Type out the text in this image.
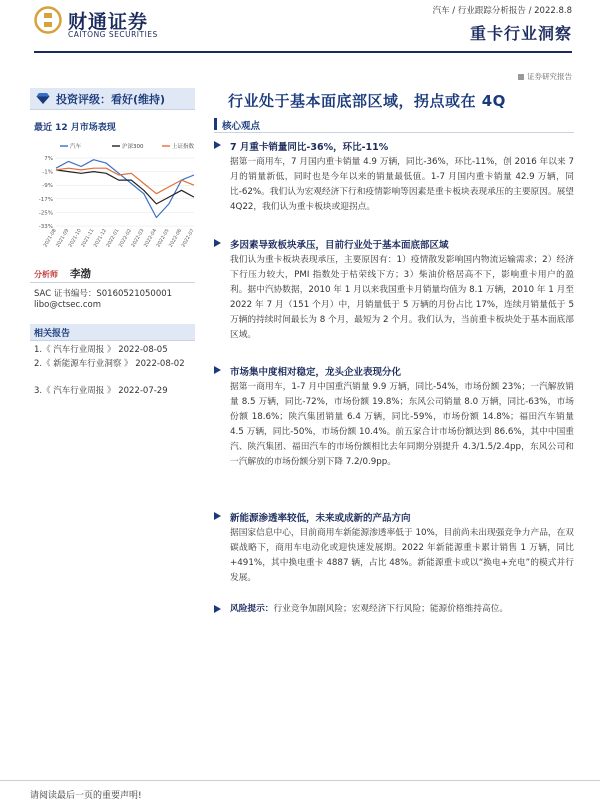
财通证券
CAITONG SECURITIES
汽车 / 行业跟踪分析报告 / 2022.8.8
重卡行业洞察
证券研究报告
投资评级：看好(维持)
最近 12 月市场表现
汽车	沪深300	上证指数
7%
-1%
-9%
-17%
-25%
-33%
2021-08
2021-09
2021-10
2021-11
2021-12
2022-01
2022-02
2022-03
2022-04
2022-05
2022-06
2022-07
分析师 李渤
SAC 证书编号：S0160521050001
libo@ctsec.com
相关报告
1.《 汽车行业周报 》 2022-08-05
2.《 新能源车行业洞察 》 2022-08-02
3.《 汽车行业周报 》 2022-07-29
行业处于基本面底部区域，拐点或在 4Q
核心观点
7 月重卡销量同比-36%，环比-11%
据第一商用车，7 月国内重卡销量 4.9 万辆，同比-36%，环比-11%，创 2016 年以来 7 月的销量新低，同时也是今年以来的销量最低值。1-7 月国内重卡销量 42.9 万辆，同比-62%。我们认为宏观经济下行和疫情影响等因素是重卡板块表现承压的主要原因。展望 4Q22，我们认为重卡板块或迎拐点。
多因素导致板块承压，目前行业处于基本面底部区域
我们认为重卡板块表现承压，主要原因有：1）疫情散发影响国内物流运输需求；2）经济下行压力较大，PMI 指数处于枯荣线下方；3）柴油价格居高不下，影响重卡用户的盈利。据中汽协数据，2010 年 1 月以来我国重卡月销量均值为 8.1 万辆，2010 年 1 月至 2022 年 7 月（151 个月）中，月销量低于 5 万辆的月份占比 17%，连续月销量低于 5 万辆的持续时间最长为 8 个月，最短为 2 个月。我们认为，当前重卡板块处于基本面底部区域。
市场集中度相对稳定，龙头企业表现分化
据第一商用车，1-7 月中国重汽销量 9.9 万辆，同比-54%，市场份额 23%；一汽解放销量 8.5 万辆，同比-72%，市场份额 19.8%；东风公司销量 8.0 万辆，同比-63%，市场份额 18.6%；陕汽集团销量 6.4 万辆，同比-59%，市场份额 14.8%；福田汽车销量 4.5 万辆，同比-50%，市场份额 10.4%。前五家合计市场份额达到 86.6%，其中中国重汽、陕汽集团、福田汽车的市场份额相比去年同期分别提升 4.3/1.5/2.4pp，东风公司和一汽解放的市场份额分别下降 7.2/0.9pp。
新能源渗透率较低，未来或成新的产品方向
据国家信息中心，目前商用车新能源渗透率低于 10%，目前尚未出现强竞争力产品，在双碳战略下，商用车电动化或迎快速发展期。2022 年新能源重卡累计销售 1 万辆，同比+491%，其中换电重卡 4887 辆，占比 48%。新能源重卡或以“换电+充电”的模式并行发展。
风险提示：行业竞争加剧风险；宏观经济下行风险；能源价格维持高位。
请阅读最后一页的重要声明!
